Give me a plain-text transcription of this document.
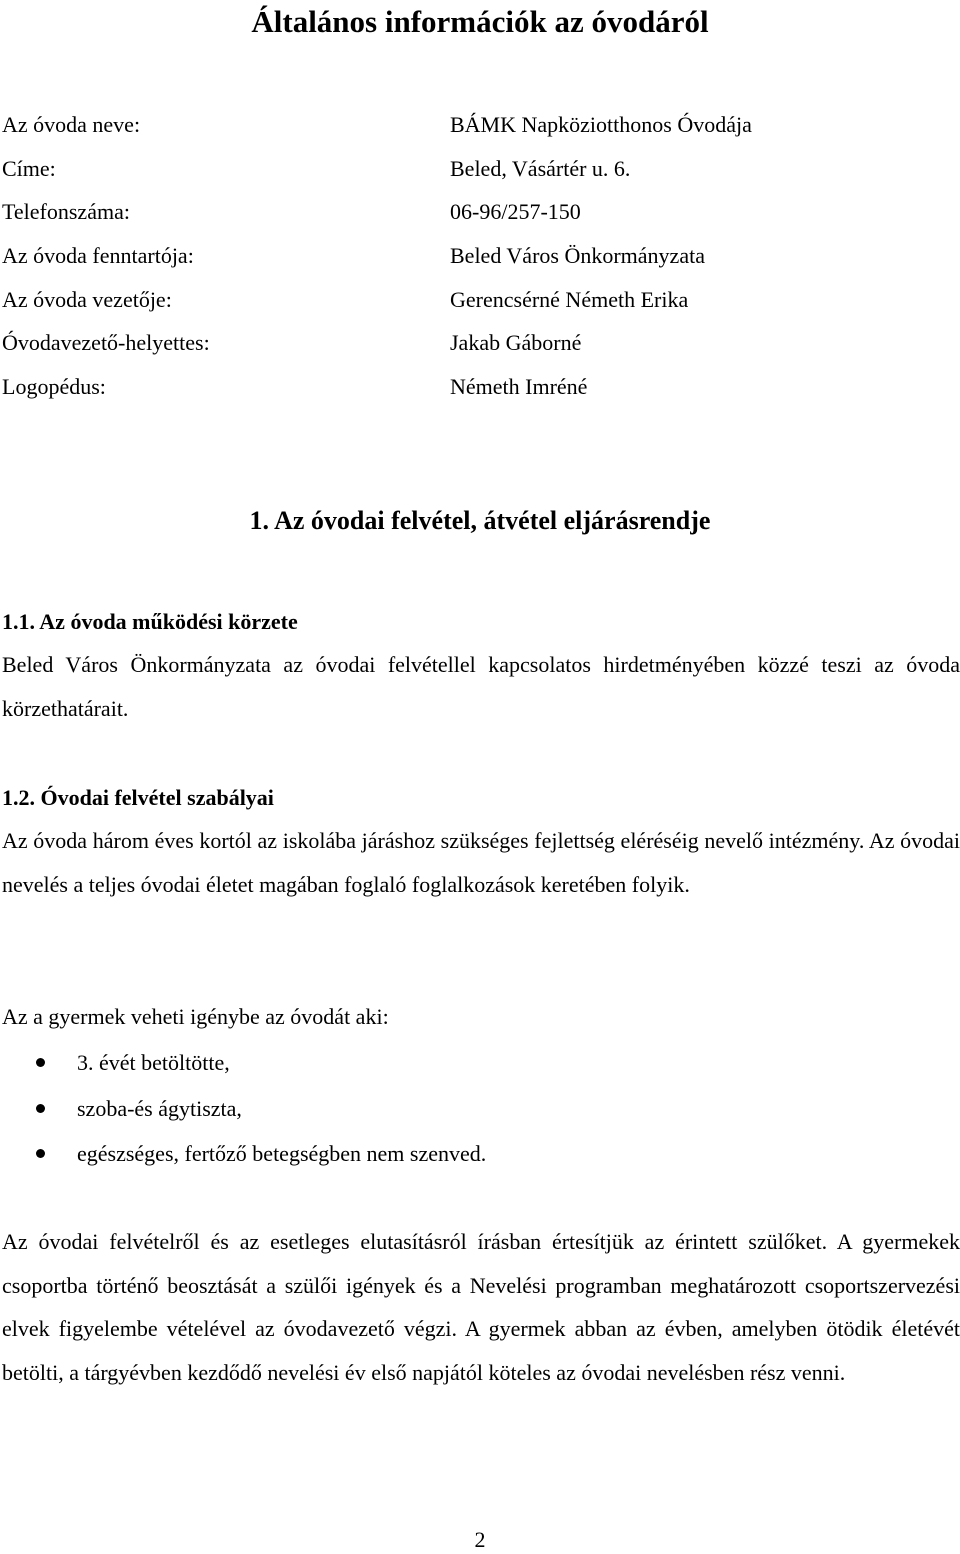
Általános információk az óvodáról
Az óvoda neve:	BÁMK Napköziotthonos Óvodája
Címe:	Beled, Vásártér u. 6.
Telefonszáma:	06-96/257-150
Az óvoda fenntartója:	Beled Város Önkormányzata
Az óvoda vezetője:	Gerencsérné Németh Erika
Óvodavezető-helyettes:	Jakab Gáborné
Logopédus:	Németh Imréné
1. Az óvodai felvétel, átvétel eljárásrendje
1.1. Az óvoda működési körzete

Beled Város Önkormányzata az óvodai felvétellel kapcsolatos hirdetményében közzé teszi az óvoda körzethatárait.

1.2. Óvodai felvétel szabályai

Az óvoda három éves kortól az iskolába járáshoz szükséges fejlettség eléréséig nevelő intézmény. Az óvodai nevelés a teljes óvodai életet magában foglaló foglalkozások keretében folyik.

Az a gyermek veheti igénybe az óvodát aki:

3. évét betöltötte,
szoba-és ágytiszta,
egészséges, fertőző betegségben nem szenved.

Az óvodai felvételről és az esetleges elutasításról írásban értesítjük az érintett szülőket. A gyermekek csoportba történő beosztását a szülői igények és a Nevelési programban meghatározott csoportszervezési elvek figyelembe vételével az óvodavezető végzi. A gyermek abban az évben, amelyben ötödik életévét betölti, a tárgyévben kezdődő nevelési év első napjától köteles az óvodai nevelésben rész venni.

2
